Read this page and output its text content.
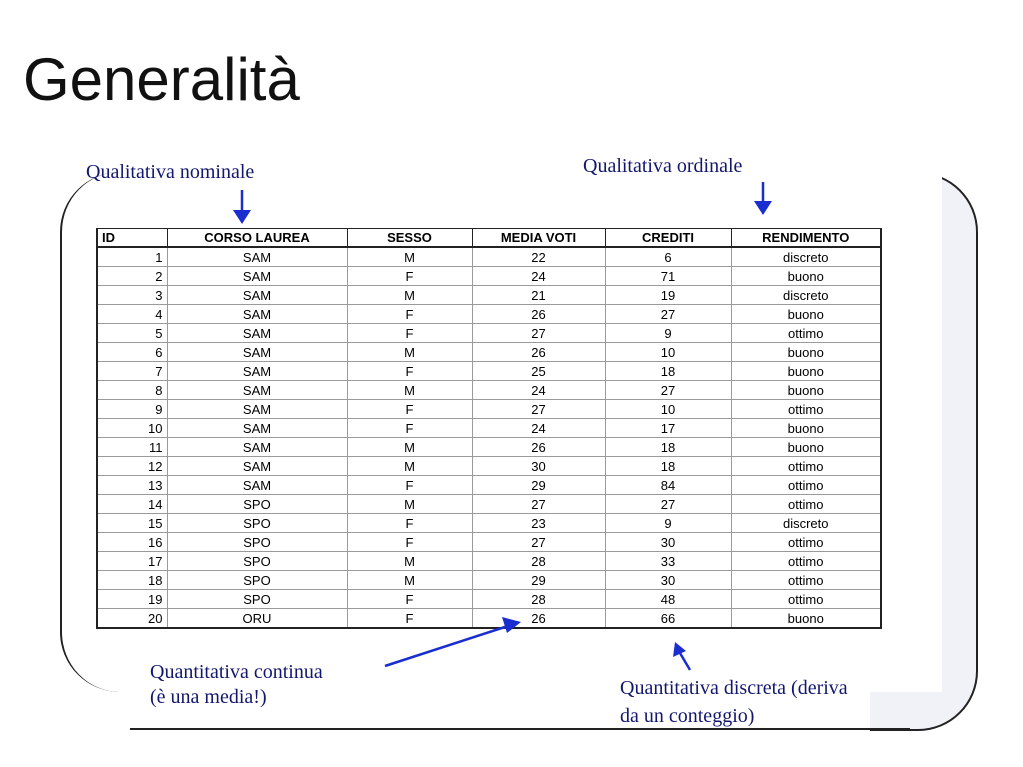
Generalità
Qualitativa nominale	Qualitativa ordinale
ID	CORSO LAUREA	SESSO	MEDIA VOTI	CREDITI	RENDIMENTO
1	SAM	M	22	6	discreto
2	SAM	F	24	71	buono
3	SAM	M	21	19	discreto
4	SAM	F	26	27	buono
5	SAM	F	27	9	ottimo
6	SAM	M	26	10	buono
7	SAM	F	25	18	buono
8	SAM	M	24	27	buono
9	SAM	F	27	10	ottimo
10	SAM	F	24	17	buono
11	SAM	M	26	18	buono
12	SAM	M	30	18	ottimo
13	SAM	F	29	84	ottimo
14	SPO	M	27	27	ottimo
15	SPO	F	23	9	discreto
16	SPO	F	27	30	ottimo
17	SPO	M	28	33	ottimo
18	SPO	M	29	30	ottimo
19	SPO	F	28	48	ottimo
20	ORU	F	26	66	buono
Quantitativa continua
(è una media!)	Quantitativa discreta (deriva
da un conteggio)
